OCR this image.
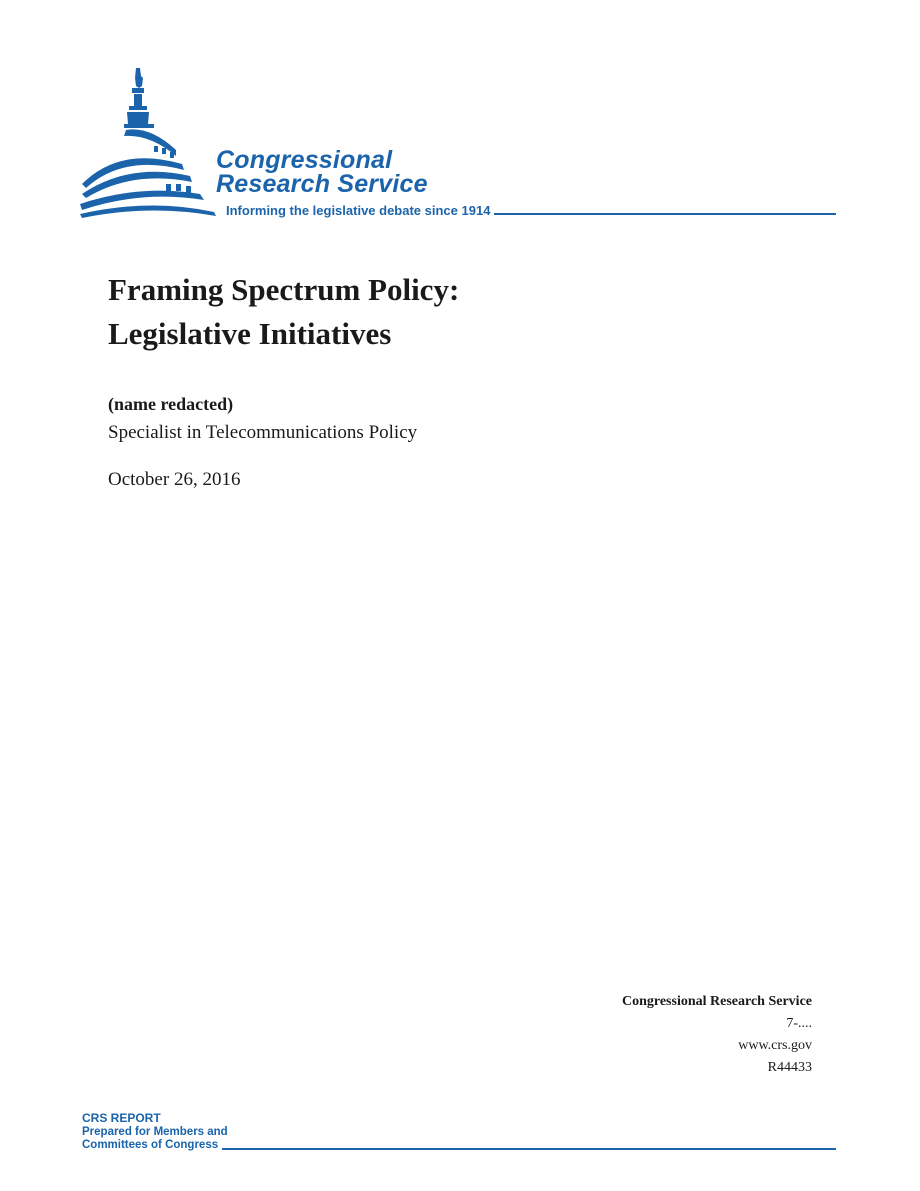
Congressional
Research Service
Informing the legislative debate since 1914
Framing Spectrum Policy:
Legislative Initiatives
(name redacted)
Specialist in Telecommunications Policy
October 26, 2016
Congressional Research Service
7-....
www.crs.gov
R44433
CRS REPORT
Prepared for Members and
Committees of Congress
